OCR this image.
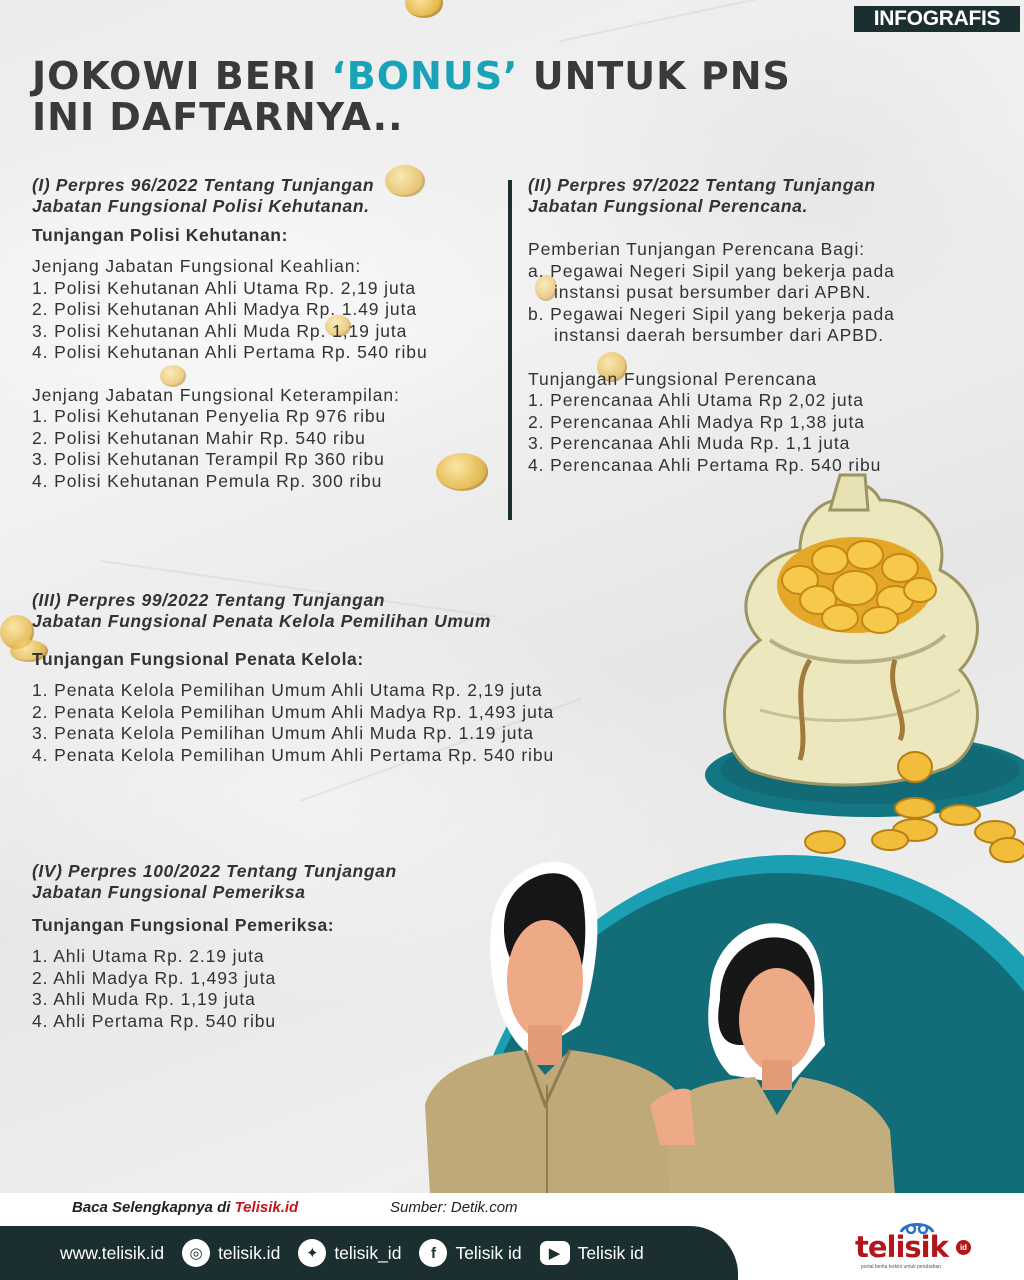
INFOGRAFIS
JOKOWI BERI ‘BONUS’ UNTUK PNS
INI DAFTARNYA..
(I) Perpres 96/2022 Tentang Tunjangan
Jabatan Fungsional Polisi Kehutanan.
Tunjangan Polisi Kehutanan:
Jenjang Jabatan Fungsional Keahlian:
1. Polisi Kehutanan Ahli Utama Rp. 2,19 juta
2. Polisi Kehutanan Ahli Madya Rp. 1.49 juta
3. Polisi Kehutanan Ahli Muda Rp. 1,19 juta
4. Polisi Kehutanan Ahli Pertama Rp. 540 ribu
Jenjang Jabatan Fungsional Keterampilan:
1. Polisi Kehutanan Penyelia Rp 976 ribu
2. Polisi Kehutanan Mahir Rp. 540 ribu
3. Polisi Kehutanan Terampil Rp 360 ribu
4. Polisi Kehutanan Pemula Rp. 300 ribu
(II) Perpres 97/2022 Tentang Tunjangan
Jabatan Fungsional Perencana.
Pemberian Tunjangan Perencana Bagi:
a. Pegawai Negeri Sipil yang bekerja pada
instansi pusat bersumber dari APBN.
b. Pegawai Negeri Sipil yang bekerja pada
instansi daerah bersumber dari APBD.
Tunjangan Fungsional Perencana
1. Perencanaa Ahli Utama Rp 2,02 juta
2. Perencanaa Ahli Madya Rp 1,38 juta
3. Perencanaa Ahli Muda Rp. 1,1 juta
4. Perencanaa Ahli Pertama Rp. 540 ribu
(III) Perpres 99/2022 Tentang Tunjangan
Jabatan Fungsional Penata Kelola Pemilihan Umum
Tunjangan Fungsional Penata Kelola:
1. Penata Kelola Pemilihan Umum Ahli Utama Rp. 2,19 juta
2. Penata Kelola Pemilihan Umum Ahli Madya Rp. 1,493 juta
3. Penata Kelola Pemilihan Umum Ahli Muda Rp. 1.19 juta
4. Penata Kelola Pemilihan Umum Ahli Pertama Rp. 540 ribu
(IV) Perpres 100/2022 Tentang Tunjangan
Jabatan Fungsional Pemeriksa
Tunjangan Fungsional Pemeriksa:
1. Ahli Utama Rp. 2.19 juta
2. Ahli Madya Rp. 1,493 juta
3. Ahli Muda Rp. 1,19 juta
4. Ahli Pertama Rp. 540 ribu
Baca Selengkapnya di Telisik.id	Sumber: Detik.com
www.telisik.id	◎ telisik.id	✦ telisik_id	f	Telisik id	▶ Telisik id	telisik	id
portal berita terkini untuk perubahan
